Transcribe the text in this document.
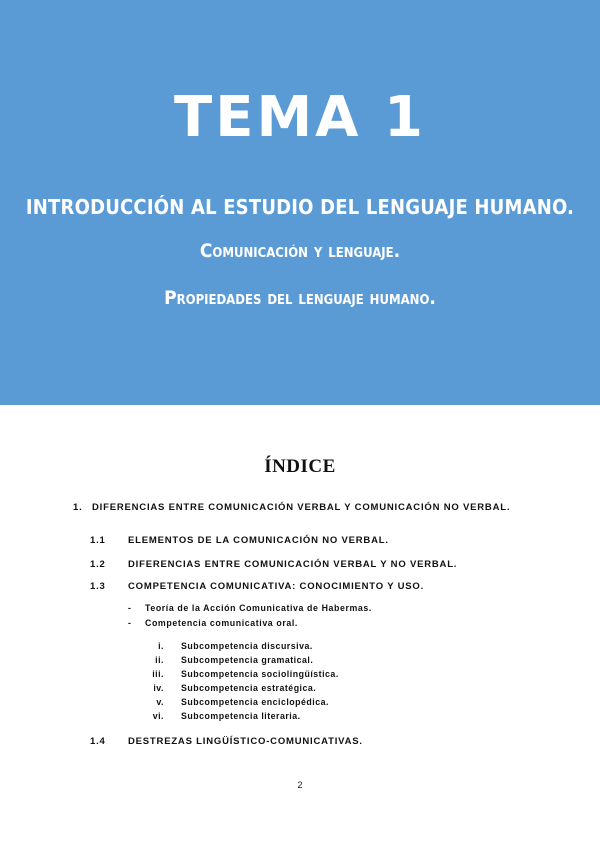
TEMA 1
INTRODUCCIÓN AL ESTUDIO DEL LENGUAJE HUMANO.
Comunicación y lenguaje.
Propiedades del lenguaje humano.
ÍNDICE
1. DIFERENCIAS ENTRE COMUNICACIÓN VERBAL Y COMUNICACIÓN NO VERBAL.
1.1 ELEMENTOS DE LA COMUNICACIÓN NO VERBAL.
1.2 DIFERENCIAS ENTRE COMUNICACIÓN VERBAL Y NO VERBAL.
1.3 COMPETENCIA COMUNICATIVA: CONOCIMIENTO Y USO.
- Teoría de la Acción Comunicativa de Habermas.
- Competencia comunicativa oral.
i. Subcompetencia discursiva.
ii. Subcompetencia gramatical.
iii. Subcompetencia sociolingüística.
iv. Subcompetencia estratégica.
v. Subcompetencia enciclopédica.
vi. Subcompetencia literaria.
1.4 DESTREZAS LINGÜÍSTICO-COMUNICATIVAS.
2
